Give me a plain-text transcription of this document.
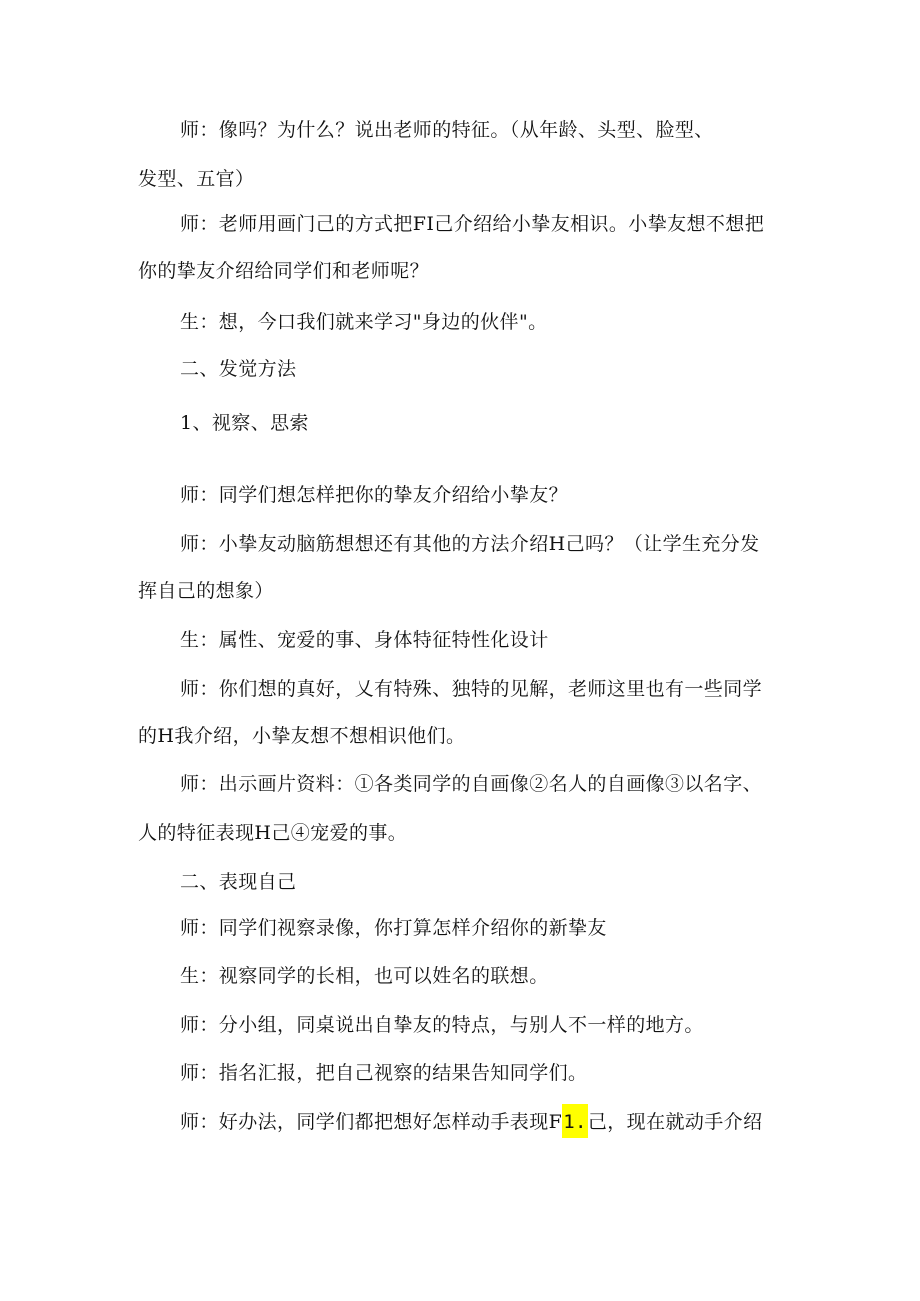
师：像吗？为什么？说出老师的特征。（从年龄、头型、脸型、
发型、五官）
师：老师用画门己的方式把FI己介绍给小挚友相识。小挚友想不想把
你的挚友介绍给同学们和老师呢？
生：想，今口我们就来学习"身边的伙伴"。
二、发觉方法
1、视察、思索
师：同学们想怎样把你的挚友介绍给小挚友？
师：小挚友动脑筋想想还有其他的方法介绍H己吗？（让学生充分发
挥自己的想象）
生：属性、宠爱的事、身体特征特性化设计
师：你们想的真好，乂有特殊、独特的见解，老师这里也有一些同学
的H我介绍，小挚友想不想相识他们。
师：出示画片资料：①各类同学的自画像②名人的自画像③以名字、
人的特征表现H己④宠爱的事。
二、表现自己
师：同学们视察录像，你打算怎样介绍你的新挚友
生：视察同学的长相，也可以姓名的联想。
师：分小组，同桌说出自挚友的特点，与别人不一样的地方。
师：指名汇报，把自己视察的结果告知同学们。
师：好办法，同学们都把想好怎样动手表现F1.己，现在就动手介绍
